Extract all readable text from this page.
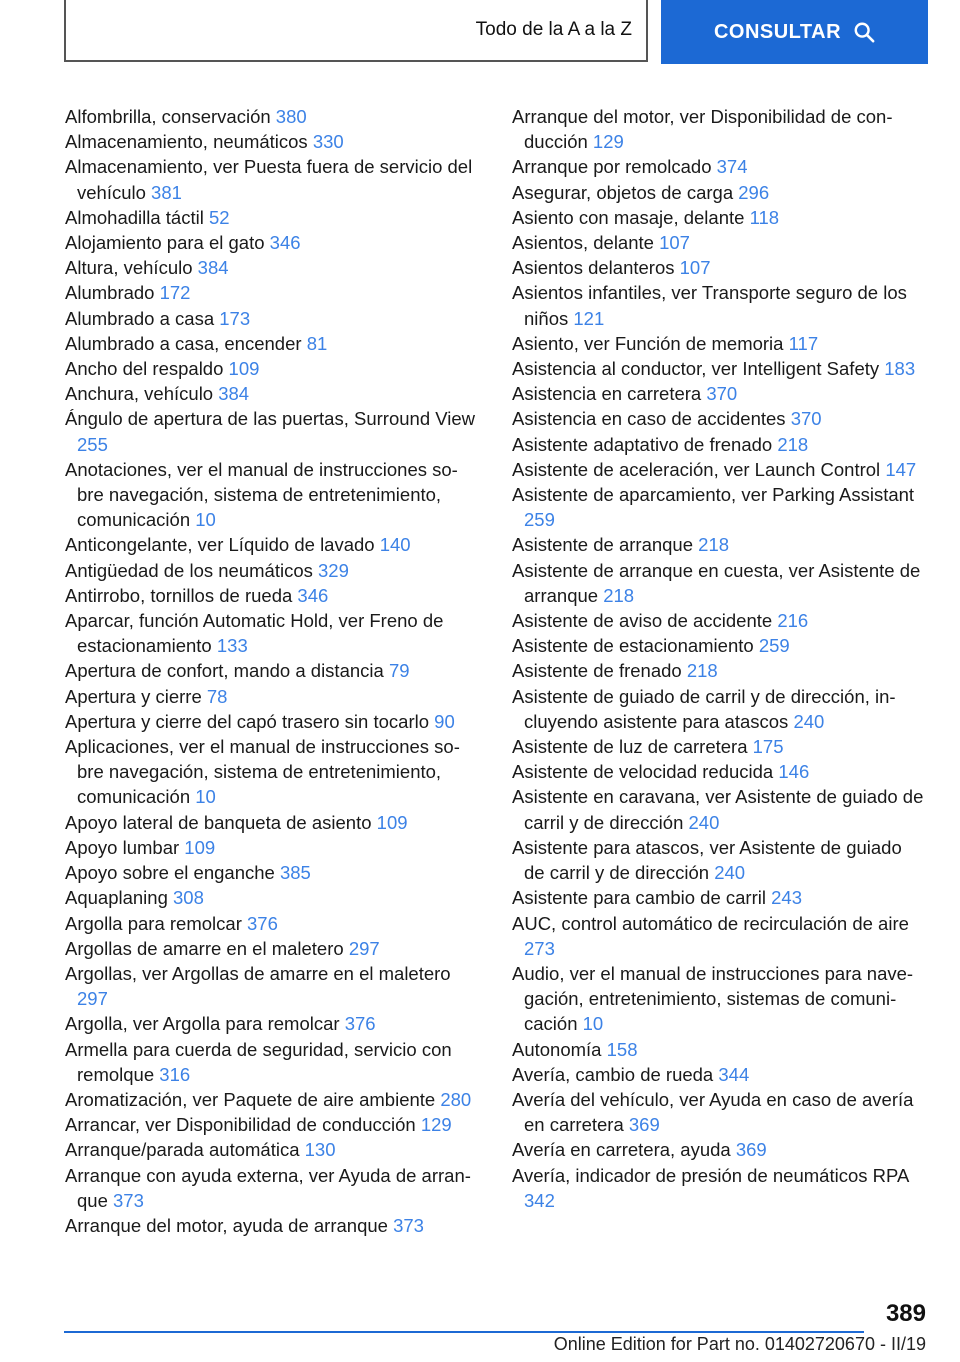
Todo de la A a la Z	CONSULTAR

Alfombrilla, conservación 380

Almacenamiento, neumáticos 330

Almacenamiento, ver Puesta fuera de servicio del vehículo 381

Almohadilla táctil 52

Alojamiento para el gato 346

Altura, vehículo 384

Alumbrado 172

Alumbrado a casa 173

Alumbrado a casa, encender 81

Ancho del respaldo 109

Anchura, vehículo 384

Ángulo de apertura de las puertas, Surround View 255

Anotaciones, ver el manual de instrucciones sobre navegación, sistema de entretenimiento, comunicación 10

Anticongelante, ver Líquido de lavado 140

Antigüedad de los neumáticos 329

Antirrobo, tornillos de rueda 346

Aparcar, función Automatic Hold, ver Freno de estacionamiento 133

Apertura de confort, mando a distancia 79

Apertura y cierre 78

Apertura y cierre del capó trasero sin tocarlo 90

Aplicaciones, ver el manual de instrucciones sobre navegación, sistema de entretenimiento, comunicación 10

Apoyo lateral de banqueta de asiento 109

Apoyo lumbar 109

Apoyo sobre el enganche 385

Aquaplaning 308

Argolla para remolcar 376

Argollas de amarre en el maletero 297

Argollas, ver Argollas de amarre en el maletero 297

Argolla, ver Argolla para remolcar 376

Armella para cuerda de seguridad, servicio con remolque 316

Aromatización, ver Paquete de aire ambiente 280

Arrancar, ver Disponibilidad de conducción 129

Arranque/parada automática 130

Arranque con ayuda externa, ver Ayuda de arranque 373

Arranque del motor, ayuda de arranque 373

Arranque del motor, ver Disponibilidad de conducción 129

Arranque por remolcado 374

Asegurar, objetos de carga 296

Asiento con masaje, delante 118

Asientos, delante 107

Asientos delanteros 107

Asientos infantiles, ver Transporte seguro de los niños 121

Asiento, ver Función de memoria 117

Asistencia al conductor, ver Intelligent Safety 183

Asistencia en carretera 370

Asistencia en caso de accidentes 370

Asistente adaptativo de frenado 218

Asistente de aceleración, ver Launch Control 147

Asistente de aparcamiento, ver Parking Assistant 259

Asistente de arranque 218

Asistente de arranque en cuesta, ver Asistente de arranque 218

Asistente de aviso de accidente 216

Asistente de estacionamiento 259

Asistente de frenado 218

Asistente de guiado de carril y de dirección, incluyendo asistente para atascos 240

Asistente de luz de carretera 175

Asistente de velocidad reducida 146

Asistente en caravana, ver Asistente de guiado de carril y de dirección 240

Asistente para atascos, ver Asistente de guiado de carril y de dirección 240

Asistente para cambio de carril 243

AUC, control automático de recirculación de aire 273

Audio, ver el manual de instrucciones para navegación, entretenimiento, sistemas de comunicación 10

Autonomía 158

Avería, cambio de rueda 344

Avería del vehículo, ver Ayuda en caso de avería en carretera 369

Avería en carretera, ayuda 369

Avería, indicador de presión de neumáticos RPA 342

389
Online Edition for Part no. 01402720670 - II/19
